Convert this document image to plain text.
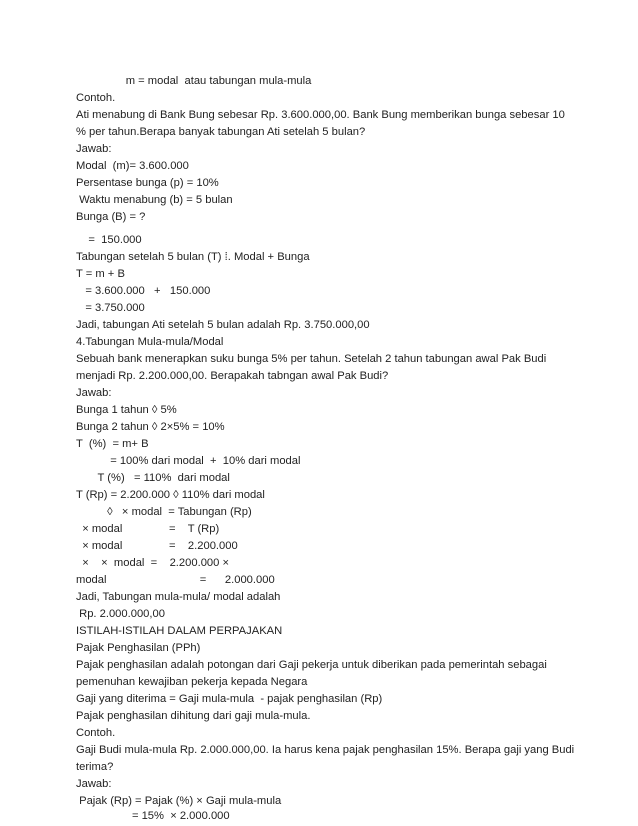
m = modal  atau tabungan mula-mula
Contoh.
Ati menabung di Bank Bung sebesar Rp. 3.600.000,00. Bank Bung memberikan bunga sebesar 10
% per tahun.Berapa banyak tabungan Ati setelah 5 bulan?
Jawab:
Modal  (m)= 3.600.000
Persentase bunga (p) = 10%
Waktu menabung (b) = 5 bulan
Bunga (B) = ?
=  150.000
Tabungan setelah 5 bulan (T) ⁞. Modal + Bunga
T = m + B
= 3.600.000   +   150.000
= 3.750.000
Jadi, tabungan Ati setelah 5 bulan adalah Rp. 3.750.000,00
4.Tabungan Mula-mula/Modal
Sebuah bank menerapkan suku bunga 5% per tahun. Setelah 2 tahun tabungan awal Pak Budi
menjadi Rp. 2.200.000,00. Berapakah tabngan awal Pak Budi?
Jawab:
Bunga 1 tahun ◊ 5%
Bunga 2 tahun ◊ 2×5% = 10%
T  (%)  = m+ B
= 100% dari modal  +  10% dari modal
T (%)   = 110%  dari modal
T (Rp) = 2.200.000 ◊ 110% dari modal
◊   × modal  = Tabungan (Rp)
× modal               =    T (Rp)
× modal               =    2.200.000
×    ×  modal  =    2.200.000 ×
modal                              =      2.000.000
Jadi, Tabungan mula-mula/ modal adalah
Rp. 2.000.000,00
ISTILAH-ISTILAH DALAM PERPAJAKAN
Pajak Penghasilan (PPh)
Pajak penghasilan adalah potongan dari Gaji pekerja untuk diberikan pada pemerintah sebagai
pemenuhan kewajiban pekerja kepada Negara
Gaji yang diterima = Gaji mula-mula  - pajak penghasilan (Rp)
Pajak penghasilan dihitung dari gaji mula-mula.
Contoh.
Gaji Budi mula-mula Rp. 2.000.000,00. Ia harus kena pajak penghasilan 15%. Berapa gaji yang Budi
terima?
Jawab:
Pajak (Rp) = Pajak (%) × Gaji mula-mula
= 15%  × 2.000.000
